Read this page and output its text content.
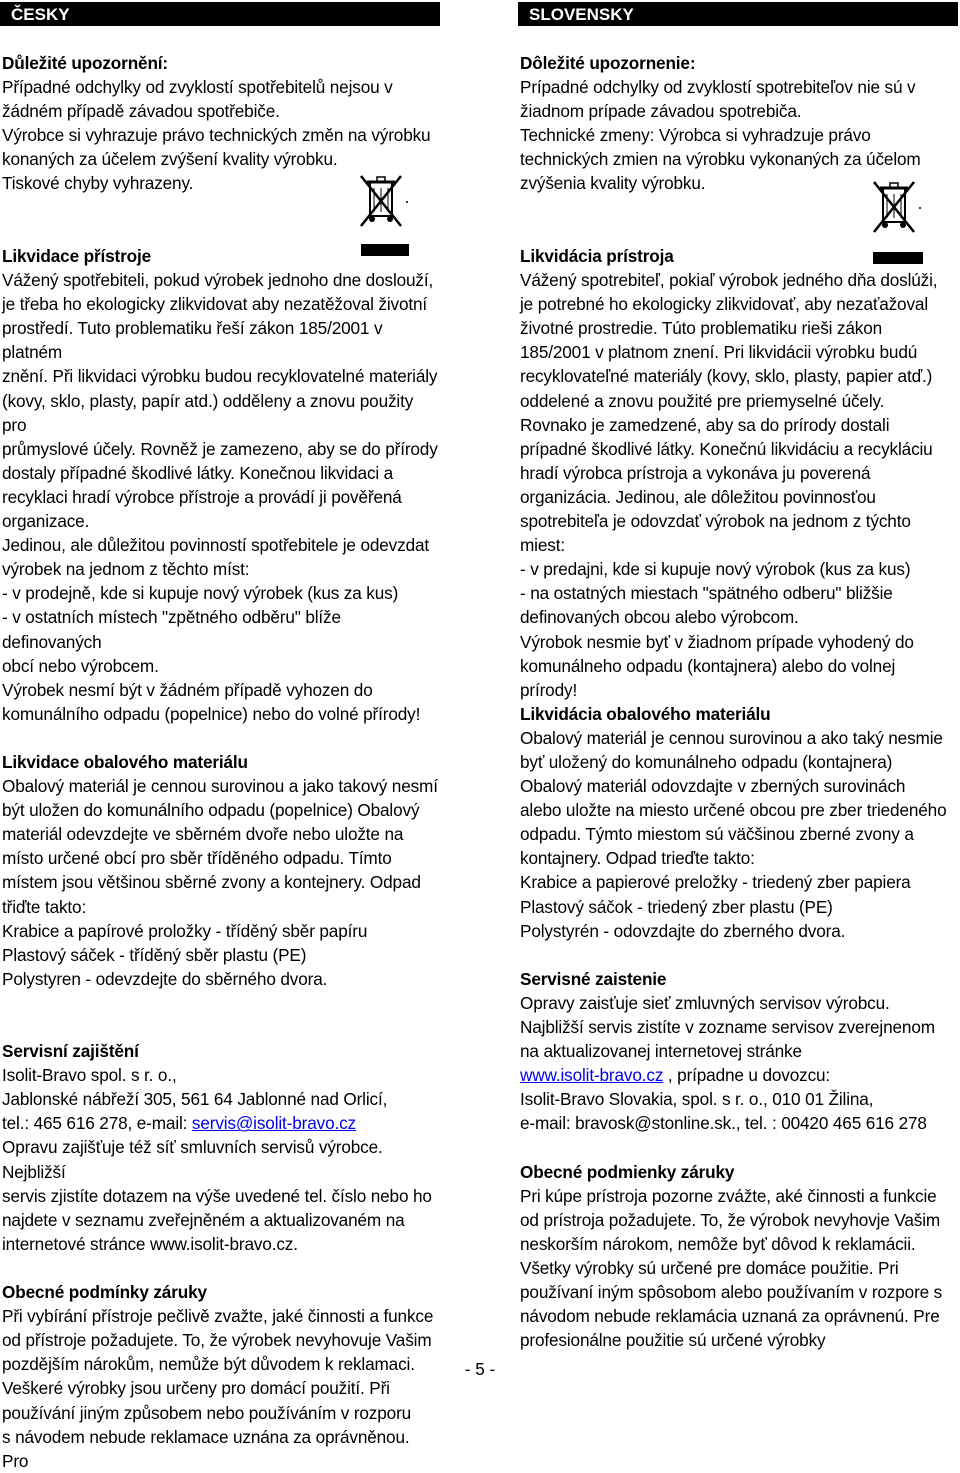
ČESKY

Důležité upozornění:

Případné odchylky od zvyklostí spotřebitelů nejsou v

žádném případě závadou spotřebiče.

Výrobce si vyhrazuje právo technických změn na výrobku

konaných za účelem zvýšení kvality výrobku.

Tiskové chyby vyhrazeny.

Likvidace přístroje

Vážený spotřebiteli, pokud výrobek jednoho dne doslouží,

je třeba ho ekologicky zlikvidovat aby nezatěžoval životní

prostředí. Tuto problematiku řeší zákon 185/2001 v platném

znění. Při likvidaci výrobku budou recyklovatelné materiály

(kovy, sklo, plasty, papír atd.) odděleny a znovu použity pro

průmyslové účely. Rovněž je zamezeno, aby se do přírody

dostaly případné škodlivé látky. Konečnou likvidaci a

recyklaci hradí výrobce přístroje a provádí ji pověřená

organizace.

Jedinou, ale důležitou povinností spotřebitele je odevzdat

výrobek na jednom z těchto míst:

- v prodejně, kde si kupuje nový výrobek (kus za kus)

- v ostatních místech "zpětného odběru" blíže definovaných

obcí nebo výrobcem.

Výrobek nesmí být v žádném případě vyhozen do

komunálního odpadu (popelnice) nebo do volné přírody!

Likvidace obalového materiálu

Obalový materiál je cennou surovinou a jako takový nesmí

být uložen do komunálního odpadu (popelnice) Obalový

materiál odevzdejte ve sběrném dvoře nebo uložte na

místo určené obcí pro sběr tříděného odpadu. Tímto

místem jsou většinou sběrné zvony a kontejnery. Odpad

třiďte takto:

Krabice a papírové proložky - tříděný sběr papíru

Plastový sáček - tříděný sběr plastu (PE)

Polystyren - odevzdejte do sběrného dvora.

Servisní zajištění

Isolit-Bravo spol. s r. o.,

Jablonské nábřeží 305, 561 64 Jablonné nad Orlicí,

tel.: 465 616 278, e-mail: servis@isolit-bravo.cz

Opravu zajišťuje též síť smluvních servisů výrobce. Nejbližší

servis zjistíte dotazem na výše uvedené tel. číslo nebo ho

najdete v seznamu zveřejněném a aktualizovaném na

internetové stránce www.isolit-bravo.cz.

Obecné podmínky záruky

Při vybírání přístroje pečlivě zvažte, jaké činnosti a funkce

od přístroje požadujete. To, že výrobek nevyhovuje Vašim

pozdějším nárokům, nemůže být důvodem k reklamaci.

Veškeré výrobky jsou určeny pro domácí použití. Při

používání jiným způsobem nebo používáním v rozporu

s návodem nebude reklamace uznána za oprávněnou. Pro

SLOVENSKY

Dôležité upozornenie:

Prípadné odchylky od zvyklostí spotrebiteľov nie sú v

žiadnom prípade závadou spotrebiča.

Technické zmeny: Výrobca si vyhradzuje právo

technických zmien na výrobku vykonaných za účelom

zvýšenia kvality výrobku.

Likvidácia prístroja

Vážený spotrebiteľ, pokiaľ výrobok jedného dňa doslúži,

je potrebné ho ekologicky zlikvidovať, aby nezaťažoval

životné prostredie. Túto problematiku rieši zákon

185/2001 v platnom znení. Pri likvidácii výrobku budú

recyklovateľné materiály (kovy, sklo, plasty, papier atď.)

oddelené a znovu použité pre priemyselné účely.

Rovnako je zamedzené, aby sa do prírody dostali

prípadné škodlivé látky. Konečnú likvidáciu a recykláciu

hradí výrobca prístroja a vykonáva ju poverená

organizácia. Jedinou, ale dôležitou povinnosťou

spotrebiteľa je odovzdať výrobok na jednom z týchto

miest:

- v predajni, kde si kupuje nový výrobok (kus za kus)

- na ostatných miestach "spätného odberu" bližšie

definovaných obcou alebo výrobcom.

Výrobok nesmie byť v žiadnom prípade vyhodený do

komunálneho odpadu (kontajnera) alebo do volnej

prírody!

Likvidácia obalového materiálu

Obalový materiál je cennou surovinou a ako taký nesmie

byť uložený do komunálneho odpadu (kontajnera)

Obalový materiál odovzdajte v zberných surovinách

alebo uložte na miesto určené obcou pre zber triedeného

odpadu. Týmto miestom sú väčšinou zberné zvony a

kontajnery. Odpad trieďte takto:

Krabice a papierové preložky - triedený zber papiera

Plastový sáčok - triedený zber plastu (PE)

Polystyrén - odovzdajte do zberného dvora.

Servisné zaistenie

Opravy zaisťuje sieť zmluvných servisov výrobcu.

Najbližší servis zistíte v zozname servisov zverejnenom

na aktualizovanej internetovej stránke

www.isolit-bravo.cz , prípadne u dovozcu:

Isolit-Bravo Slovakia, spol. s r. o., 010 01 Žilina,

e-mail: bravosk@stonline.sk., tel. : 00420 465 616 278

Obecné podmienky záruky

Pri kúpe prístroja pozorne zvážte, aké činnosti a funkcie

od prístroja požadujete. To, že výrobok nevyhovje Vašim

neskorším nárokom, nemôže byť dôvod k reklamácii.

Všetky výrobky sú určené pre domáce použitie. Pri

používaní iným spôsobom alebo používaním v rozpore s

návodom nebude reklamácia uznaná za oprávnenú. Pre

profesionálne použitie sú určené výrobky

- 5 -
